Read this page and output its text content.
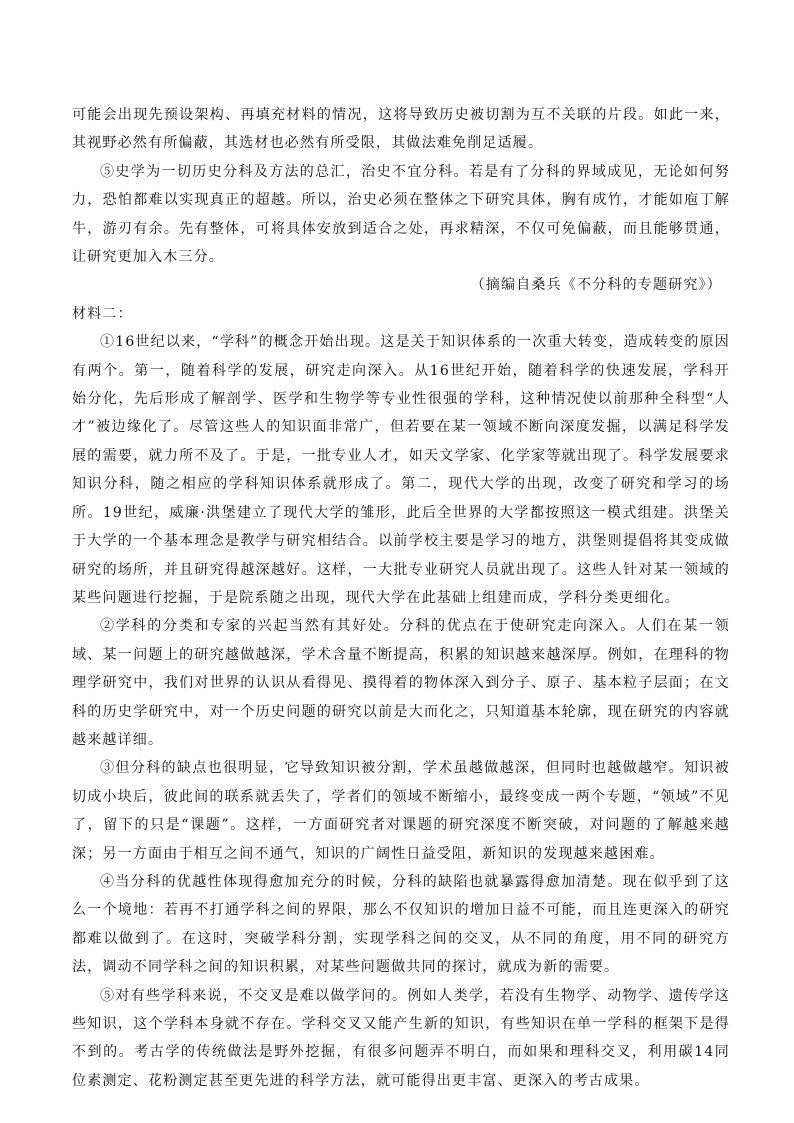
可能会出现先预设架构、再填充材料的情况，这将导致历史被切割为互不关联的片段。如此一来，其视野必然有所偏蔽，其选材也必然有所受限，其做法难免削足适履。

⑤史学为一切历史分科及方法的总汇，治史不宜分科。若是有了分科的界域成见，无论如何努力，恐怕都难以实现真正的超越。所以，治史必须在整体之下研究具体，胸有成竹，才能如庖丁解牛，游刃有余。先有整体，可将具体安放到适合之处，再求精深，不仅可免偏蔽，而且能够贯通，让研究更加入木三分。

（摘编自桑兵《不分科的专题研究》）

材料二：

①16世纪以来，“学科”的概念开始出现。这是关于知识体系的一次重大转变，造成转变的原因有两个。第一，随着科学的发展，研究走向深入。从16世纪开始，随着科学的快速发展，学科开始分化，先后形成了解剖学、医学和生物学等专业性很强的学科，这种情况使以前那种全科型“人才”被边缘化了。尽管这些人的知识面非常广，但若要在某一领域不断向深度发掘，以满足科学发展的需要，就力所不及了。于是，一批专业人才，如天文学家、化学家等就出现了。科学发展要求知识分科，随之相应的学科知识体系就形成了。第二，现代大学的出现，改变了研究和学习的场所。19世纪，威廉·洪堡建立了现代大学的雏形，此后全世界的大学都按照这一模式组建。洪堡关于大学的一个基本理念是教学与研究相结合。以前学校主要是学习的地方，洪堡则提倡将其变成做研究的场所，并且研究得越深越好。这样，一大批专业研究人员就出现了。这些人针对某一领域的某些问题进行挖掘，于是院系随之出现，现代大学在此基础上组建而成，学科分类更细化。

②学科的分类和专家的兴起当然有其好处。分科的优点在于使研究走向深入。人们在某一领域、某一问题上的研究越做越深，学术含量不断提高，积累的知识越来越深厚。例如，在理科的物理学研究中，我们对世界的认识从看得见、摸得着的物体深入到分子、原子、基本粒子层面；在文科的历史学研究中，对一个历史问题的研究以前是大而化之，只知道基本轮廓，现在研究的内容就越来越详细。

③但分科的缺点也很明显，它导致知识被分割，学术虽越做越深，但同时也越做越窄。知识被切成小块后，彼此间的联系就丢失了，学者们的领域不断缩小，最终变成一两个专题，“领域”不见了，留下的只是“课题”。这样，一方面研究者对课题的研究深度不断突破，对问题的了解越来越深；另一方面由于相互之间不通气，知识的广阔性日益受阻，新知识的发现越来越困难。

④当分科的优越性体现得愈加充分的时候，分科的缺陷也就暴露得愈加清楚。现在似乎到了这么一个境地：若再不打通学科之间的界限，那么不仅知识的增加日益不可能，而且连更深入的研究都难以做到了。在这时，突破学科分割，实现学科之间的交叉，从不同的角度，用不同的研究方法，调动不同学科之间的知识积累，对某些问题做共同的探讨，就成为新的需要。

⑤对有些学科来说，不交叉是难以做学问的。例如人类学，若没有生物学、动物学、遗传学这些知识，这个学科本身就不存在。学科交叉又能产生新的知识，有些知识在单一学科的框架下是得不到的。考古学的传统做法是野外挖掘，有很多问题弄不明白，而如果和理科交叉，利用碳14同位素测定、花粉测定甚至更先进的科学方法，就可能得出更丰富、更深入的考古成果。
